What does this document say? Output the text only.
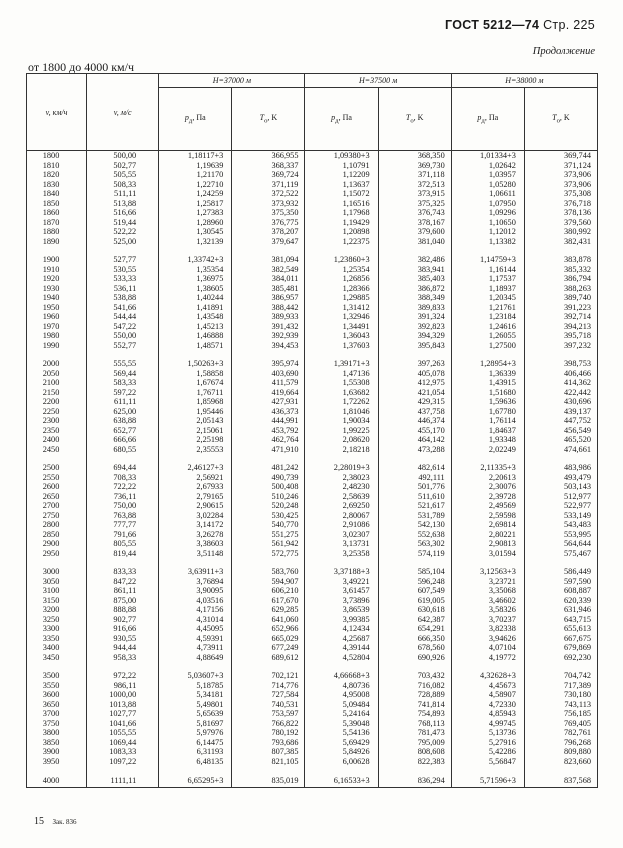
ГОСТ 5212—74 Стр. 225
Продолжение
от 1800 до 4000 км/ч
v, км/ч	v, м/с	H=37000 м		H=37500 м		H=38000 м	
		$p_д$, Па	$T_о$, K	$p_д$, Па	$T_о$, K	$p_д$, Па	$T_о$, K
1800	500,00	1,18117+3	366,955	1,09380+3	368,350	1,01334+3	369,744
1810	502,77	1,19639	368,337	1,10791	369,730	1,02642	371,124
1820	505,55	1,21170	369,724	1,12209	371,118	1,03957	373,906
1830	508,33	1,22710	371,119	1,13637	372,513	1,05280	373,906
1840	511,11	1,24259	372,522	1,15072	373,915	1,06611	375,308
1850	513,88	1,25817	373,932	1,16516	375,325	1,07950	376,718
1860	516,66	1,27383	375,350	1,17968	376,743	1,09296	378,136
1870	519,44	1,28960	376,775	1,19429	378,167	1,10650	379,560
1880	522,22	1,30545	378,207	1,20898	379,600	1,12012	380,992
1890	525,00	1,32139	379,647	1,22375	381,040	1,13382	382,431

1900	527,77	1,33742+3	381,094	1,23860+3	382,486	1,14759+3	383,878
1910	530,55	1,35354	382,549	1,25354	383,941	1,16144	385,332
1920	533,33	1,36975	384,011	1,26856	385,403	1,17537	386,794
1930	536,11	1,38605	385,481	1,28366	386,872	1,18937	388,263
1940	538,88	1,40244	386,957	1,29885	388,349	1,20345	389,740
1950	541,66	1,41891	388,442	1,31412	389,833	1,21761	391,223
1960	544,44	1,43548	389,933	1,32946	391,324	1,23184	392,714
1970	547,22	1,45213	391,432	1,34491	392,823	1,24616	394,213
1980	550,00	1,46888	392,939	1,36043	394,329	1,26055	395,718
1990	552,77	1,48571	394,453	1,37603	395,843	1,27500	397,232

2000	555,55	1,50263+3	395,974	1,39171+3	397,263	1,28954+3	398,753
2050	569,44	1,58858	403,690	1,47136	405,078	1,36339	406,466
2100	583,33	1,67674	411,579	1,55308	412,975	1,43915	414,362
2150	597,22	1,76711	419,664	1,63682	421,054	1,51680	422,442
2200	611,11	1,85968	427,931	1,72262	429,315	1,59636	430,696
2250	625,00	1,95446	436,373	1,81046	437,758	1,67780	439,137
2300	638,88	2,05143	444,991	1,90034	446,374	1,76114	447,752
2350	652,77	2,15061	453,792	1,99225	455,170	1,84637	456,549
2400	666,66	2,25198	462,764	2,08620	464,142	1,93348	465,520
2450	680,55	2,35553	471,910	2,18218	473,288	2,02249	474,661

2500	694,44	2,46127+3	481,242	2,28019+3	482,614	2,11335+3	483,986
2550	708,33	2,56921	490,739	2,38023	492,111	2,20613	493,479
2600	722,22	2,67933	500,408	2,48230	501,776	2,30076	503,143
2650	736,11	2,79165	510,246	2,58639	511,610	2,39728	512,977
2700	750,00	2,90615	520,248	2,69250	521,617	2,49569	522,977
2750	763,88	3,02284	530,425	2,80067	531,789	2,59598	533,149
2800	777,77	3,14172	540,770	2,91086	542,130	2,69814	543,483
2850	791,66	3,26278	551,275	3,02307	552,638	2,80221	553,995
2900	805,55	3,38603	561,942	3,13731	563,302	2,90813	564,644
2950	819,44	3,51148	572,775	3,25358	574,119	3,01594	575,467

3000	833,33	3,63911+3	583,760	3,37188+3	585,104	3,12563+3	586,449
3050	847,22	3,76894	594,907	3,49221	596,248	3,23721	597,590
3100	861,11	3,90095	606,210	3,61457	607,549	3,35068	608,887
3150	875,00	4,03516	617,670	3,73896	619,005	3,46602	620,339
3200	888,88	4,17156	629,285	3,86539	630,618	3,58326	631,946
3250	902,77	4,31014	641,060	3,99385	642,387	3,70237	643,715
3300	916,66	4,45095	652,966	4,12434	654,291	3,82338	655,613
3350	930,55	4,59391	665,029	4,25687	666,350	3,94626	667,675
3400	944,44	4,73911	677,249	4,39144	678,560	4,07104	679,869
3450	958,33	4,88649	689,612	4,52804	690,926	4,19772	692,230

3500	972,22	5,03607+3	702,121	4,66668+3	703,432	4,32628+3	704,742
3550	986,11	5,18785	714,776	4,80736	716,082	4,45673	717,389
3600	1000,00	5,34181	727,584	4,95008	728,889	4,58907	730,180
3650	1013,88	5,49801	740,531	5,09484	741,814	4,72330	743,113
3700	1027,77	5,65639	753,597	5,24164	754,893	4,85943	756,185
3750	1041,66	5,81697	766,822	5,39048	768,113	4,99745	769,405
3800	1055,55	5,97976	780,192	5,54136	781,473	5,13736	782,761
3850	1069,44	6,14475	793,686	5,69429	795,009	5,27916	796,268
3900	1083,33	6,31193	807,385	5,84926	808,608	5,42286	809,880
3950	1097,22	6,48135	821,105	6,00628	822,383	5,56847	823,660

4000	1111,11	6,65295+3	835,019	6,16533+3	836,294	5,71596+3	837,568
15 Зак. 836
